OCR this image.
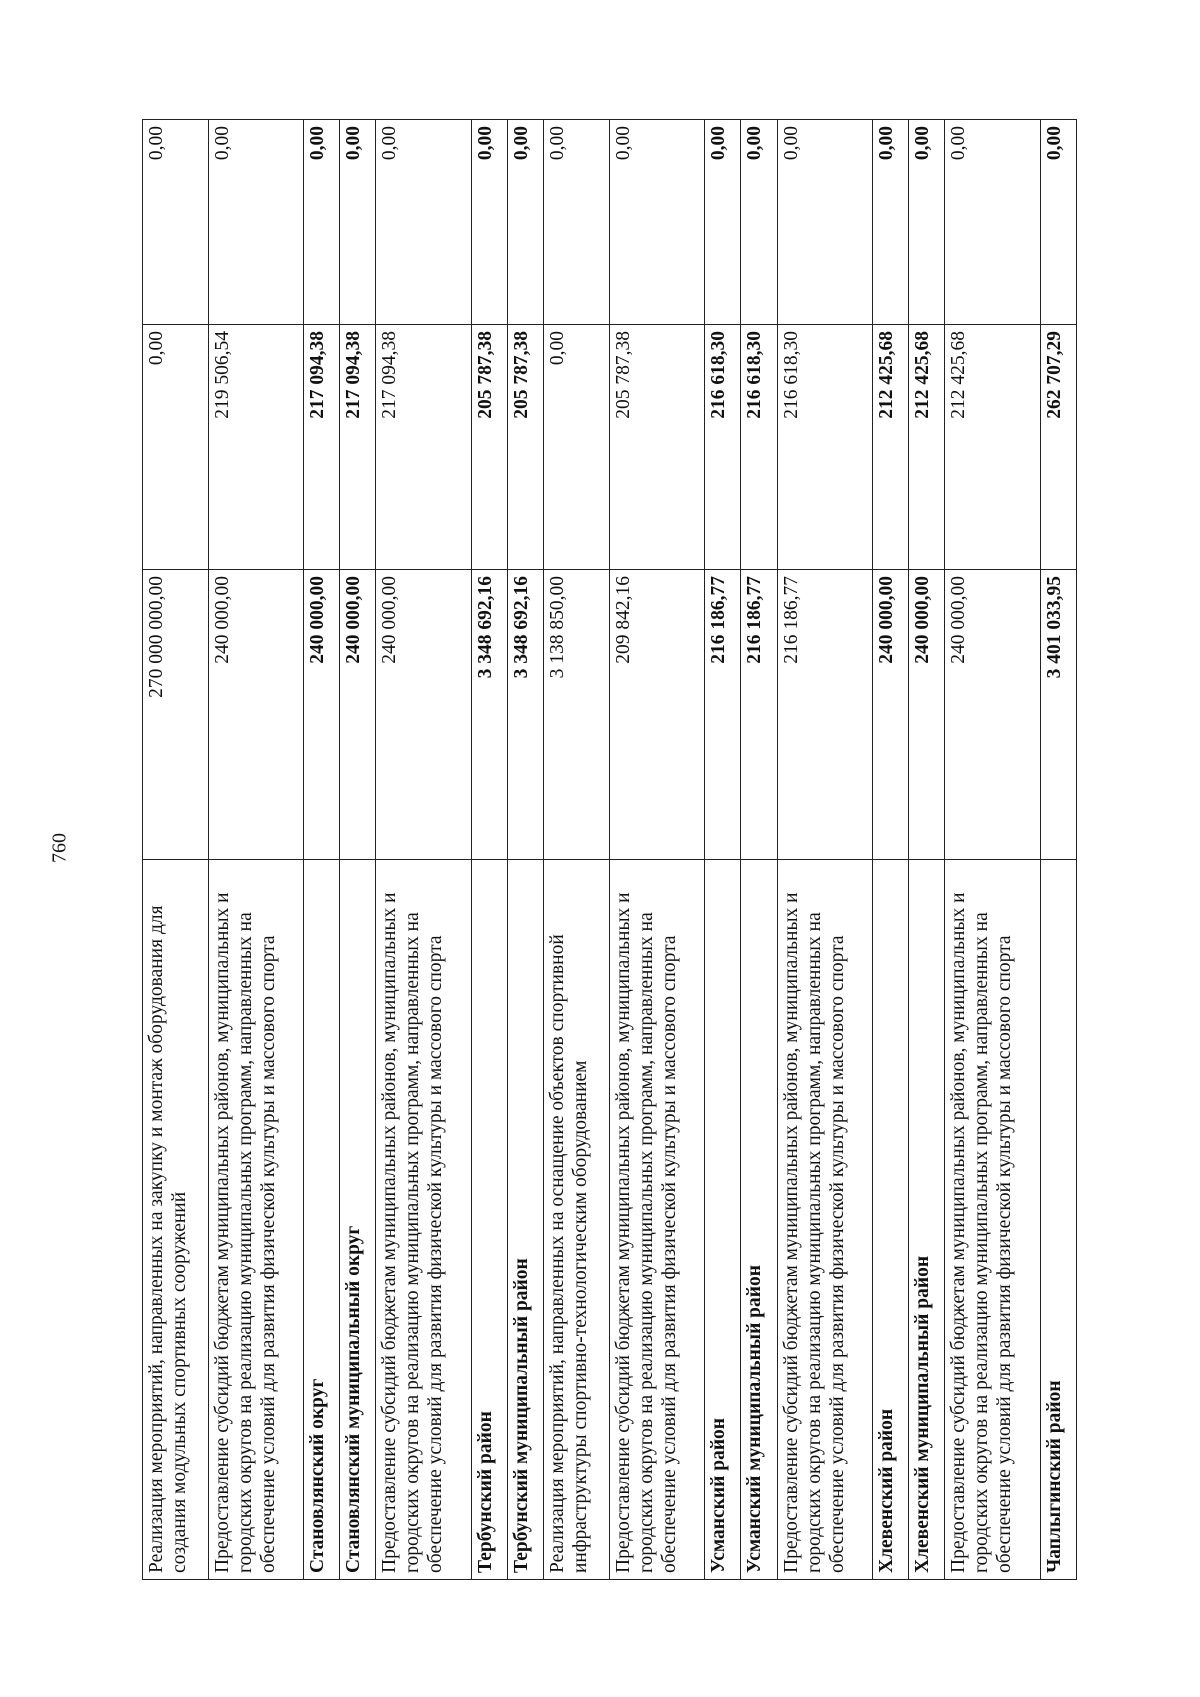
760
Реализация мероприятий, направленных на закупку и монтаж оборудования для создания модульных спортивных сооружений	270 000 000,00	0,00	0,00
Предоставление субсидий бюджетам муниципальных районов, муниципальных и городских округов на реализацию муниципальных программ, направленных на обеспечение условий для развития физической культуры и массового спорта	240 000,00	219 506,54	0,00
Становлянский округ	240 000,00	217 094,38	0,00
Становлянский муниципальный округ	240 000,00	217 094,38	0,00
Предоставление субсидий бюджетам муниципальных районов, муниципальных и городских округов на реализацию муниципальных программ, направленных на обеспечение условий для развития физической культуры и массового спорта	240 000,00	217 094,38	0,00
Тербунский район	3 348 692,16	205 787,38	0,00
Тербунский муниципальный район	3 348 692,16	205 787,38	0,00
Реализация мероприятий, направленных на оснащение объектов спортивной инфраструктуры спортивно-технологическим оборудованием	3 138 850,00	0,00	0,00
Предоставление субсидий бюджетам муниципальных районов, муниципальных и городских округов на реализацию муниципальных программ, направленных на обеспечение условий для развития физической культуры и массового спорта	209 842,16	205 787,38	0,00
Усманский район	216 186,77	216 618,30	0,00
Усманский муниципальный район	216 186,77	216 618,30	0,00
Предоставление субсидий бюджетам муниципальных районов, муниципальных и городских округов на реализацию муниципальных программ, направленных на обеспечение условий для развития физической культуры и массового спорта	216 186,77	216 618,30	0,00
Хлевенский район	240 000,00	212 425,68	0,00
Хлевенский муниципальный район	240 000,00	212 425,68	0,00
Предоставление субсидий бюджетам муниципальных районов, муниципальных и городских округов на реализацию муниципальных программ, направленных на обеспечение условий для развития физической культуры и массового спорта	240 000,00	212 425,68	0,00
Чаплыгинский район	3 401 033,95	262 707,29	0,00
